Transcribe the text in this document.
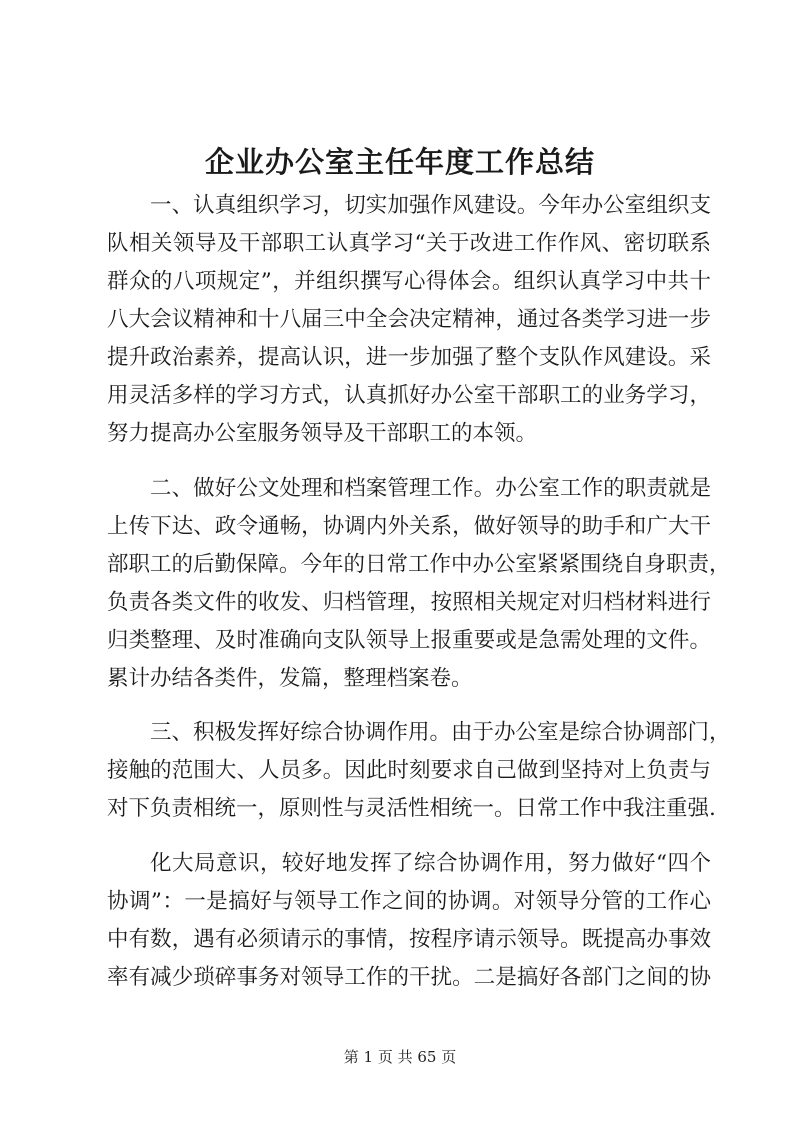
企业办公室主任年度工作总结
一、认真组织学习，切实加强作风建设。今年办公室组织支
队相关领导及干部职工认真学习“关于改进工作作风、密切联系
群众的八项规定”，并组织撰写心得体会。组织认真学习中共十
八大会议精神和十八届三中全会决定精神，通过各类学习进一步
提升政治素养，提高认识，进一步加强了整个支队作风建设。采
用灵活多样的学习方式，认真抓好办公室干部职工的业务学习，
努力提高办公室服务领导及干部职工的本领。
二、做好公文处理和档案管理工作。办公室工作的职责就是
上传下达、政令通畅，协调内外关系，做好领导的助手和广大干
部职工的后勤保障。今年的日常工作中办公室紧紧围绕自身职责，
负责各类文件的收发、归档管理，按照相关规定对归档材料进行
归类整理、及时准确向支队领导上报重要或是急需处理的文件。
累计办结各类件，发篇，整理档案卷。
三、积极发挥好综合协调作用。由于办公室是综合协调部门，
接触的范围大、人员多。因此时刻要求自己做到坚持对上负责与
对下负责相统一，原则性与灵活性相统一。日常工作中我注重强.
化大局意识，较好地发挥了综合协调作用，努力做好“四个
协调”：一是搞好与领导工作之间的协调。对领导分管的工作心
中有数，遇有必须请示的事情，按程序请示领导。既提高办事效
率有减少琐碎事务对领导工作的干扰。二是搞好各部门之间的协
第 1 页 共 65 页
